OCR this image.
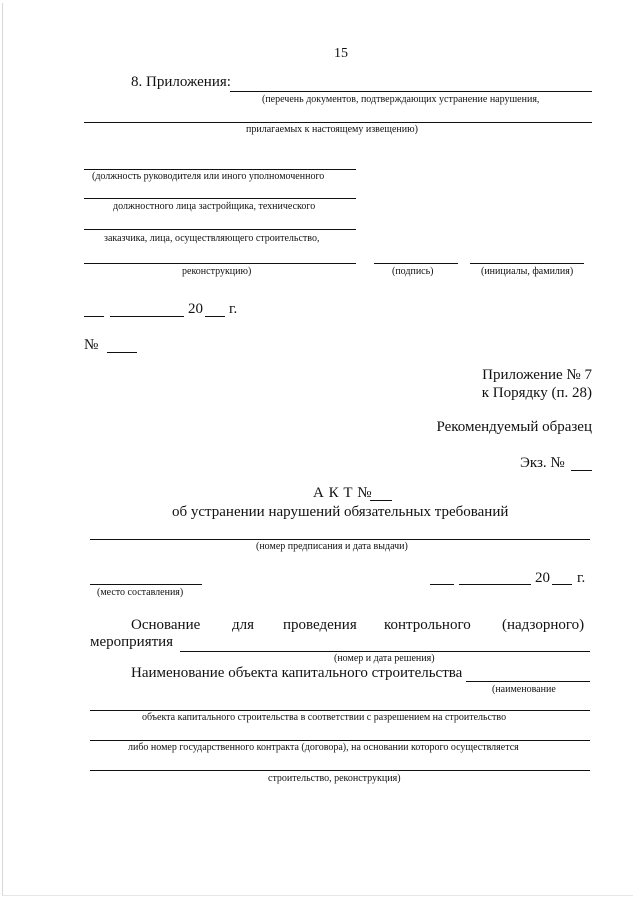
15
8. Приложения:
(перечень документов, подтверждающих устранение нарушения,
прилагаемых к настоящему извещению)
(должность руководителя или иного уполномоченного
должностного лица застройщика, технического
заказчика, лица, осуществляющего строительство,
реконструкцию)	(подпись)	(инициалы, фамилия)
20 г.
№
Приложение № 7
к Порядку (п. 28)
Рекомендуемый образец
Экз. №
А К Т №
об устранении нарушений обязательных требований
(номер предписания и дата выдачи)
(место составления)
20 г.
Основание для проведения контрольного (надзорного)
мероприятия
(номер и дата решения)
Наименование объекта капитального строительства
(наименование
объекта капитального строительства в соответствии с разрешением на строительство
либо номер государственного контракта (договора), на основании которого осуществляется
строительство, реконструкция)
